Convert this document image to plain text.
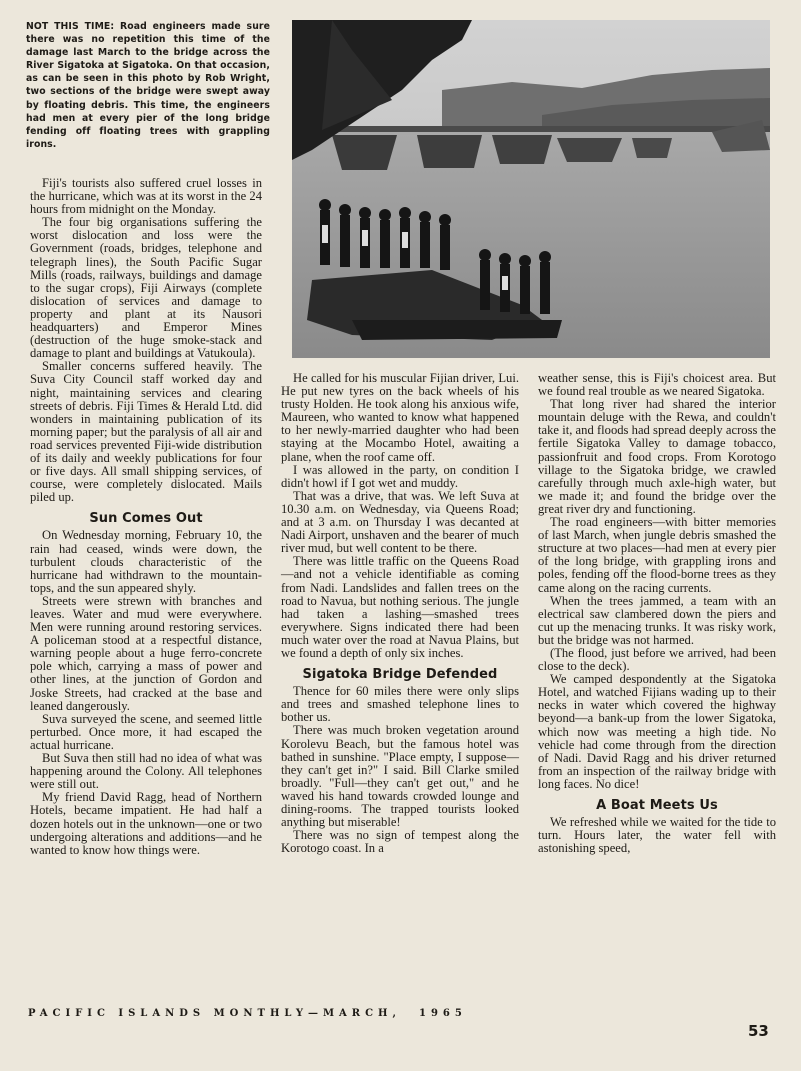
NOT THIS TIME: Road engineers made sure there was no repetition this time of the damage last March to the bridge across the River Sigatoka at Sigatoka. On that occasion, as can be seen in this photo by Rob Wright, two sections of the bridge were swept away by floating debris. This time, the engineers had men at every pier of the long bridge fending off floating trees with grappling irons.

Fiji's tourists also suffered cruel losses in the hurricane, which was at its worst in the 24 hours from midnight on the Monday.

The four big organisations suffering the worst dislocation and loss were the Government (roads, bridges, telephone and telegraph lines), the South Pacific Sugar Mills (roads, railways, buildings and damage to the sugar crops), Fiji Airways (complete dislocation of services and damage to property and plant at its Nausori headquarters) and Emperor Mines (destruction of the huge smoke-stack and damage to plant and buildings at Vatukoula).

Smaller concerns suffered heavily. The Suva City Council staff worked day and night, maintaining services and clearing streets of debris. Fiji Times & Herald Ltd. did wonders in maintaining publication of its morning paper; but the paralysis of all air and road services prevented Fiji-wide distribution of its daily and weekly publications for four or five days. All small shipping services, of course, were completely dislocated. Mails piled up.

Sun Comes Out

On Wednesday morning, February 10, the rain had ceased, winds were down, the turbulent clouds characteristic of the hurricane had withdrawn to the mountain-tops, and the sun appeared shyly.

Streets were strewn with branches and leaves. Water and mud were everywhere. Men were running around restoring services. A policeman stood at a respectful distance, warning people about a huge ferro-concrete pole which, carrying a mass of power and other lines, at the junction of Gordon and Joske Streets, had cracked at the base and leaned dangerously.

Suva surveyed the scene, and seemed little perturbed. Once more, it had escaped the actual hurricane.

But Suva then still had no idea of what was happening around the Colony. All telephones were still out.

My friend David Ragg, head of Northern Hotels, became impatient. He had half a dozen hotels out in the unknown—one or two undergoing alterations and additions—and he wanted to know how things were.

He called for his muscular Fijian driver, Lui. He put new tyres on the back wheels of his trusty Holden. He took along his anxious wife, Maureen, who wanted to know what happened to her newly-married daughter who had been staying at the Mocambo Hotel, awaiting a plane, when the roof came off.

I was allowed in the party, on condition I didn't howl if I got wet and muddy.

That was a drive, that was. We left Suva at 10.30 a.m. on Wednesday, via Queens Road; and at 3 a.m. on Thursday I was decanted at Nadi Airport, unshaven and the bearer of much river mud, but well content to be there.

There was little traffic on the Queens Road—and not a vehicle identifiable as coming from Nadi. Landslides and fallen trees on the road to Navua, but nothing serious. The jungle had taken a lashing—smashed trees everywhere. Signs indicated there had been much water over the road at Navua Plains, but we found a depth of only six inches.

Sigatoka Bridge Defended

Thence for 60 miles there were only slips and trees and smashed telephone lines to bother us.

There was much broken vegetation around Korolevu Beach, but the famous hotel was bathed in sunshine. "Place empty, I suppose—they can't get in?" I said. Bill Clarke smiled broadly. "Full—they can't get out," and he waved his hand towards crowded lounge and dining-rooms. The trapped tourists looked anything but miserable!

There was no sign of tempest along the Korotogo coast. In a

weather sense, this is Fiji's choicest area. But we found real trouble as we neared Sigatoka.

That long river had shared the interior mountain deluge with the Rewa, and couldn't take it, and floods had spread deeply across the fertile Sigatoka Valley to damage tobacco, passionfruit and food crops. From Korotogo village to the Sigatoka bridge, we crawled carefully through much axle-high water, but we made it; and found the bridge over the great river dry and functioning.

The road engineers—with bitter memories of last March, when jungle debris smashed the structure at two places—had men at every pier of the long bridge, with grappling irons and poles, fending off the flood-borne trees as they came along on the racing currents.

When the trees jammed, a team with an electrical saw clambered down the piers and cut up the menacing trunks. It was risky work, but the bridge was not harmed.

(The flood, just before we arrived, had been close to the deck).

We camped despondently at the Sigatoka Hotel, and watched Fijians wading up to their necks in water which covered the highway beyond—a bank-up from the lower Sigatoka, which now was meeting a high tide. No vehicle had come through from the direction of Nadi. David Ragg and his driver returned from an inspection of the railway bridge with long faces. No dice!

A Boat Meets Us

We refreshed while we waited for the tide to turn. Hours later, the water fell with astonishing speed,

PACIFIC ISLANDS MONTHLY—MARCH, 1965
53
